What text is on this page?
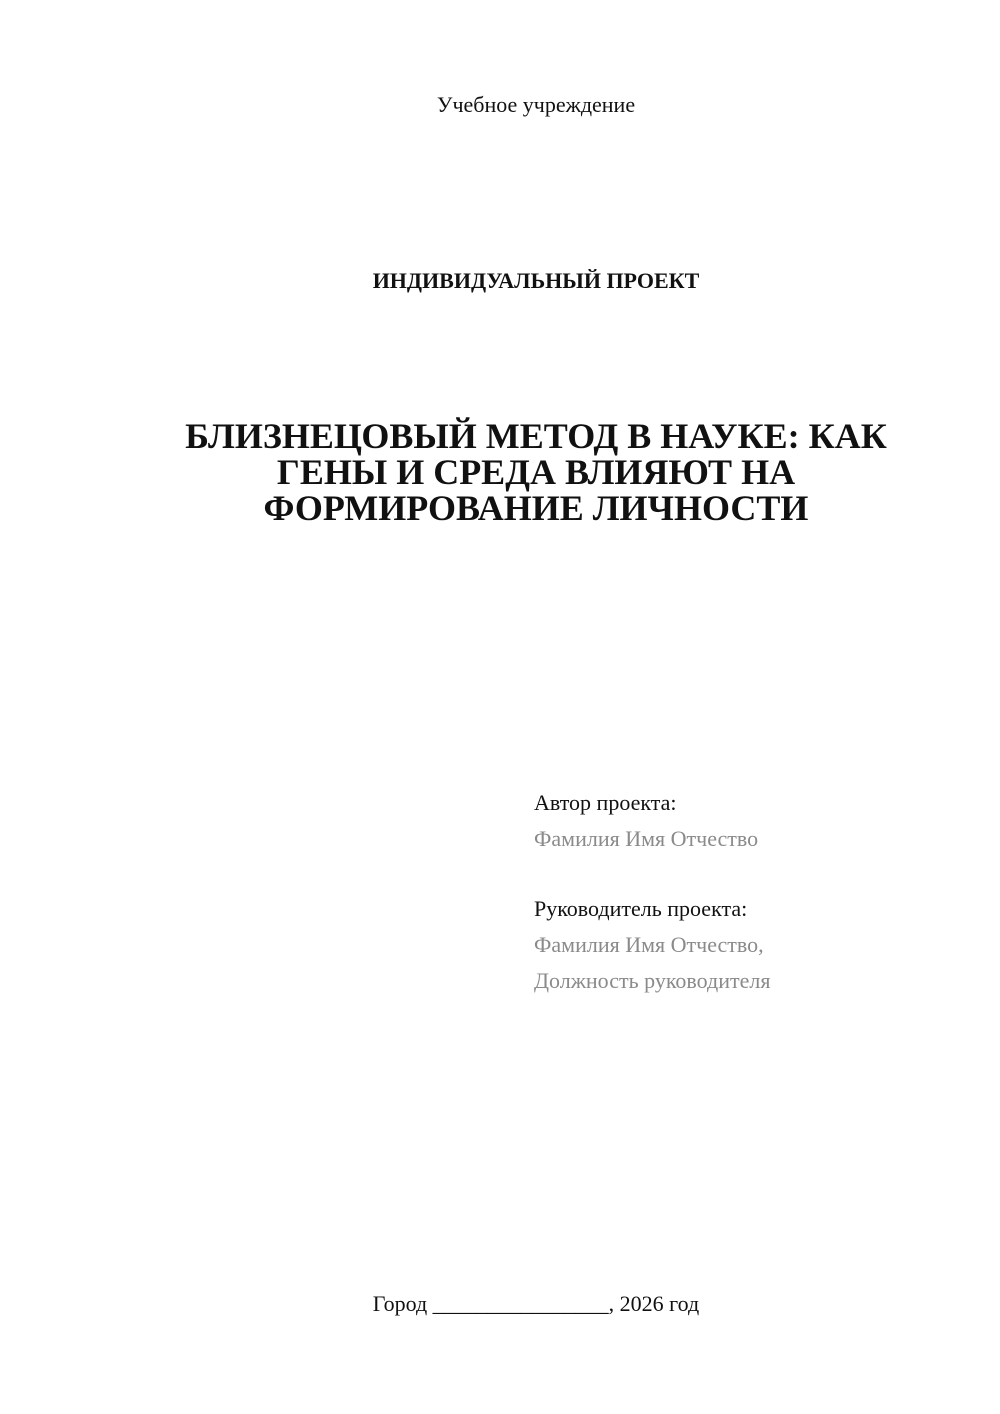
Учебное учреждение
ИНДИВИДУАЛЬНЫЙ ПРОЕКТ
БЛИЗНЕЦОВЫЙ МЕТОД В НАУКЕ: КАК
ГЕНЫ И СРЕДА ВЛИЯЮТ НА
ФОРМИРОВАНИЕ ЛИЧНОСТИ
Автор проекта:
Фамилия Имя Отчество
Руководитель проекта:
Фамилия Имя Отчество,
Должность руководителя
Город ________________, 2026 год
